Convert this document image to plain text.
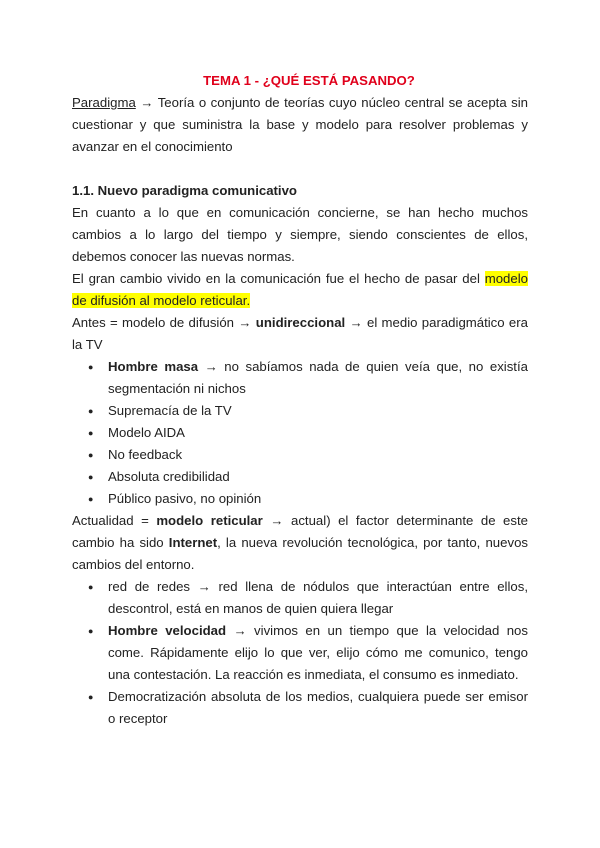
TEMA 1 - ¿QUÉ ESTÁ PASANDO?

Paradigma → Teoría o conjunto de teorías cuyo núcleo central se acepta sin cuestionar y que suministra la base y modelo para resolver problemas y avanzar en el conocimiento

1.1. Nuevo paradigma comunicativo

En cuanto a lo que en comunicación concierne, se han hecho muchos cambios a lo largo del tiempo y siempre, siendo conscientes de ellos, debemos conocer las nuevas normas.

El gran cambio vivido en la comunicación fue el hecho de pasar del modelo de difusión al modelo reticular.

Antes = modelo de difusión → unidireccional → el medio paradigmático era la TV

● Hombre masa → no sabíamos nada de quien veía que, no existía segmentación ni nichos
● Supremacía de la TV
● Modelo AIDA
● No feedback
● Absoluta credibilidad
● Público pasivo, no opinión

Actualidad = modelo reticular → actual) el factor determinante de este cambio ha sido Internet, la nueva revolución tecnológica, por tanto, nuevos cambios del entorno.

● red de redes → red llena de nódulos que interactúan entre ellos, descontrol, está en manos de quien quiera llegar
● Hombre velocidad → vivimos en un tiempo que la velocidad nos come. Rápidamente elijo lo que ver, elijo cómo me comunico, tengo una contestación. La reacción es inmediata, el consumo es inmediato.
● Democratización absoluta de los medios, cualquiera puede ser emisor o receptor
